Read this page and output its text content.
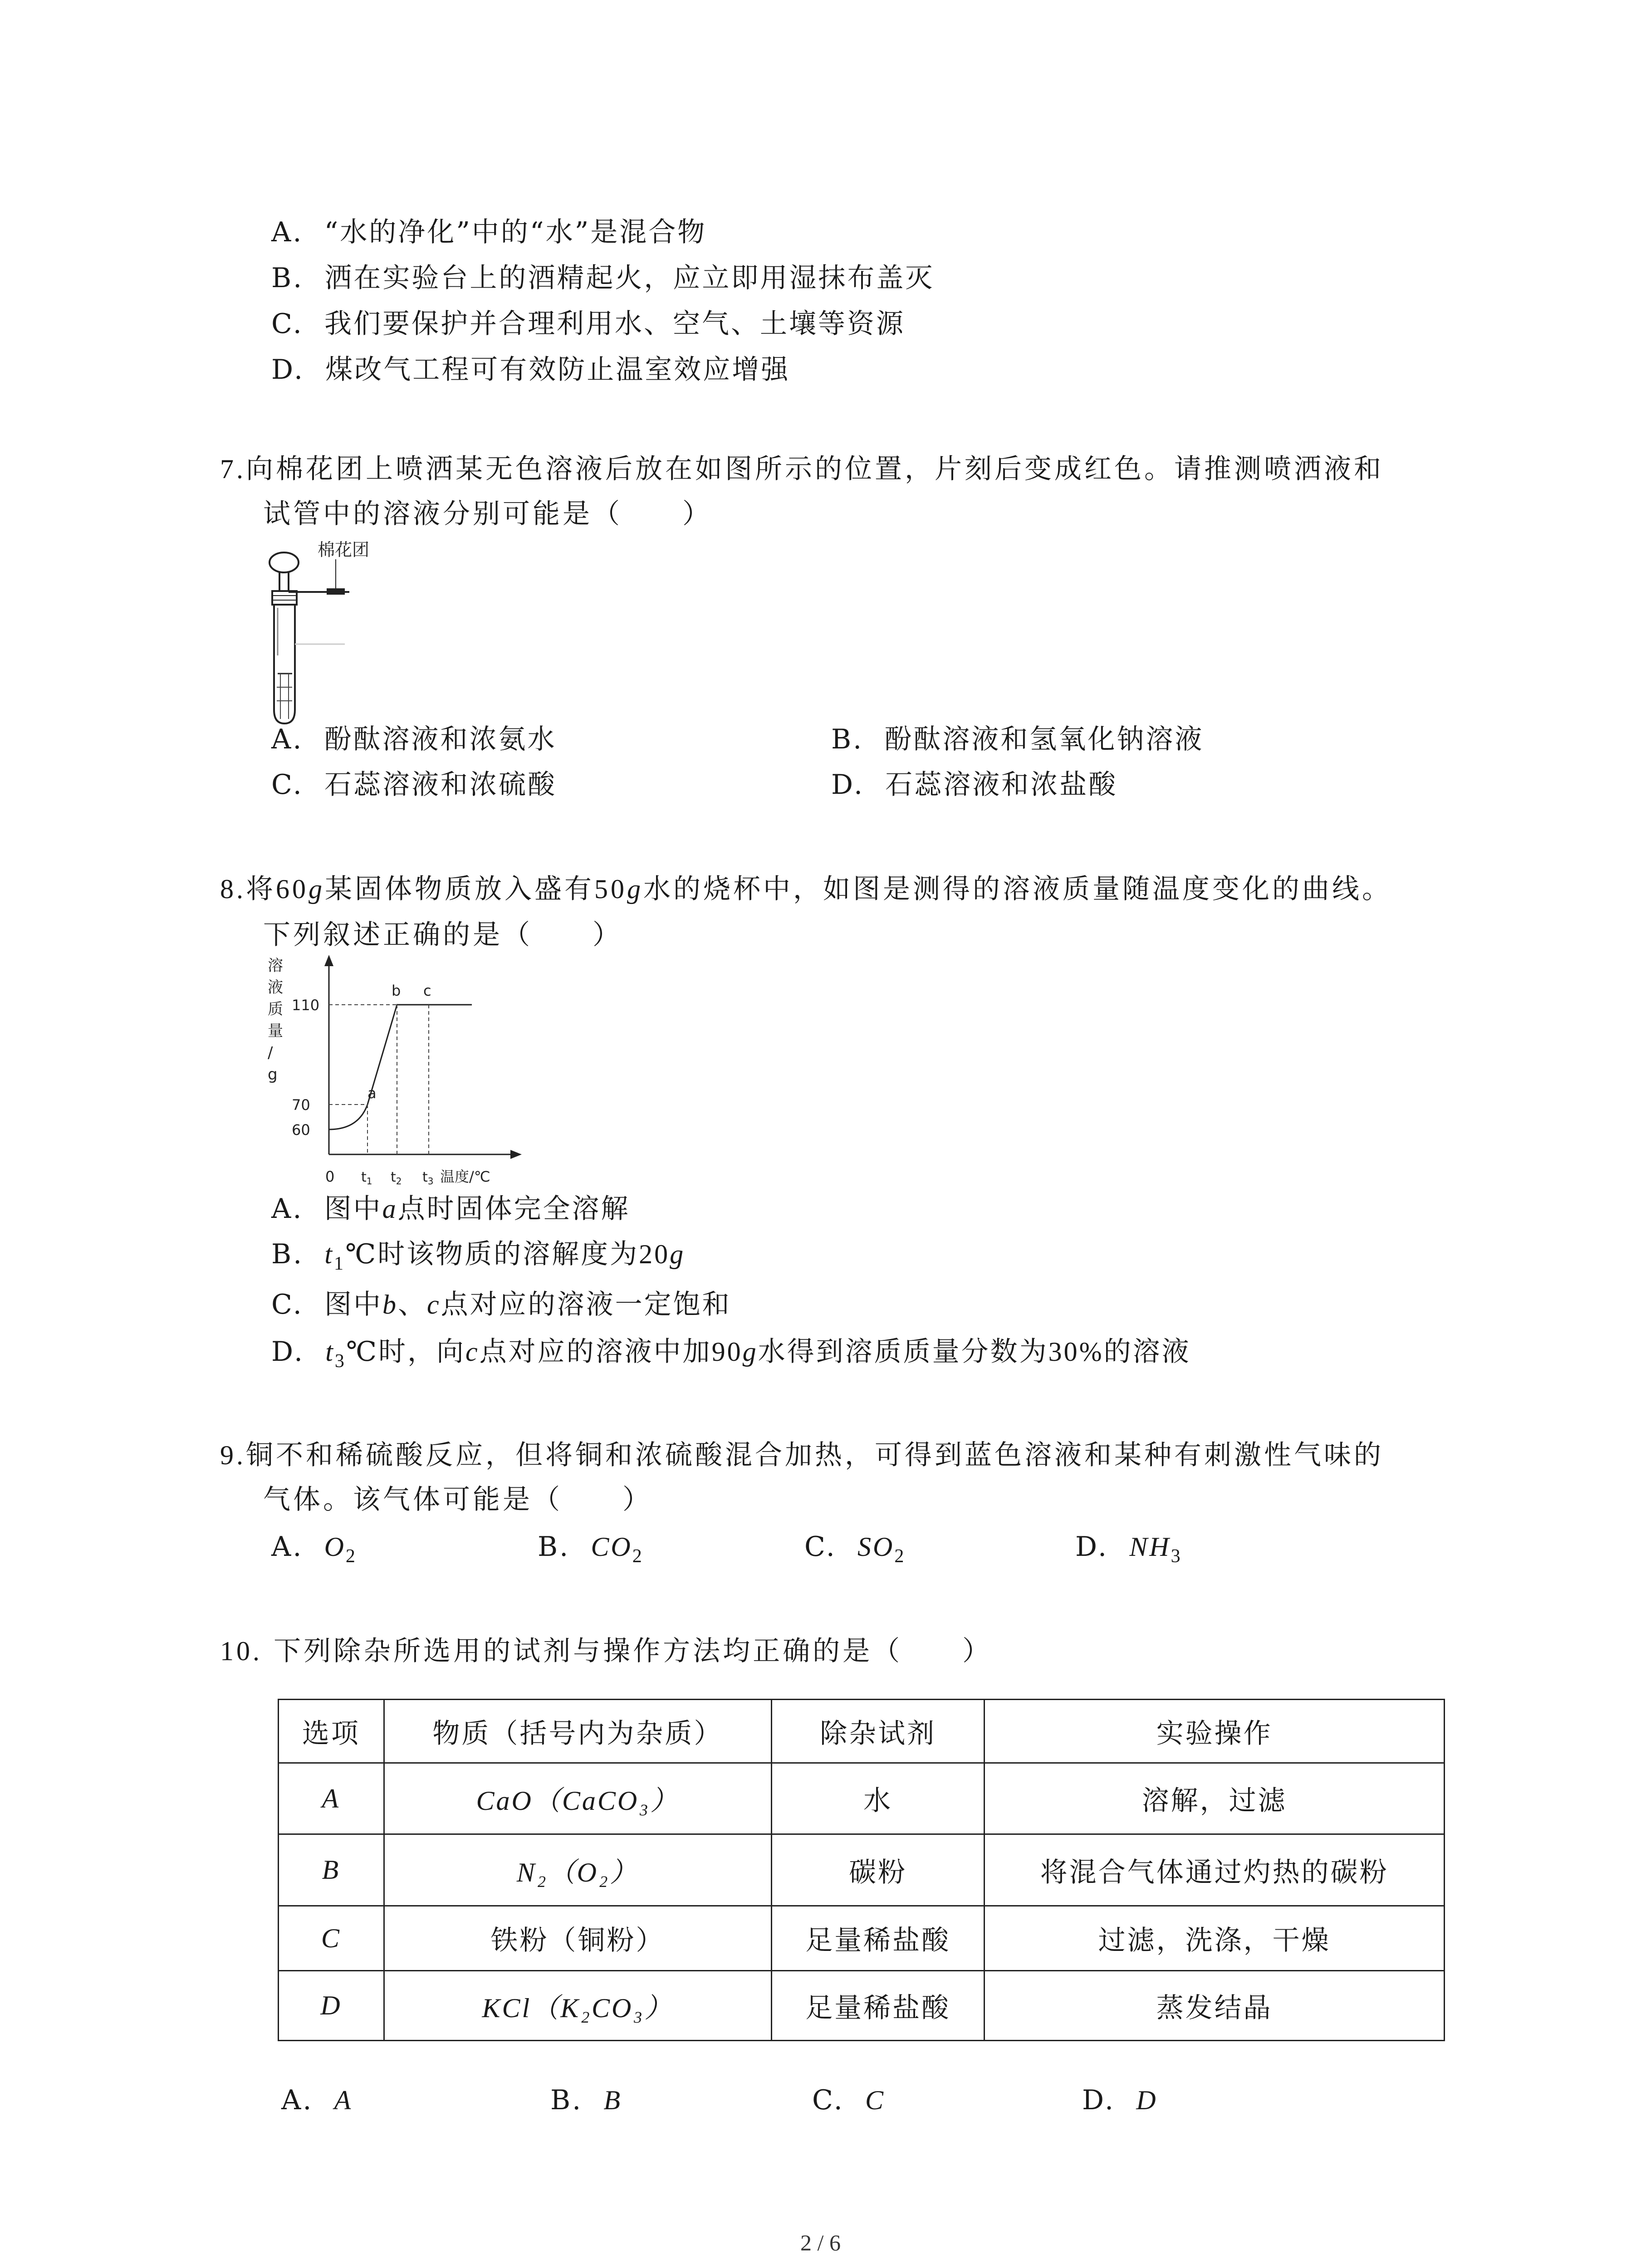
A. “水的净化”中的“水”是混合物
B. 洒在实验台上的酒精起火，应立即用湿抹布盖灭
C. 我们要保护并合理利用水、空气、土壤等资源
D. 煤改气工程可有效防止温室效应增强
7.向棉花团上喷洒某无色溶液后放在如图所示的位置，片刻后变成红色。请推测喷洒液和
试管中的溶液分别可能是（　　）
棉花团
A. 酚酞溶液和浓氨水	B. 酚酞溶液和氢氧化钠溶液
C. 石蕊溶液和浓硫酸	D. 石蕊溶液和浓盐酸
8.将60g某固体物质放入盛有50g水的烧杯中，如图是测得的溶液质量随温度变化的曲线。
下列叙述正确的是（　　）
溶
液
质
量
/
g
110
70
60
0 $t_1$ $t_2$ $t_3$ 温度/℃
a
b c
A. 图中a点时固体完全溶解
B. $t_1℃$时该物质的溶解度为20g
C. 图中b、c点对应的溶液一定饱和
D. $t_3℃$时，向c点对应的溶液中加90g水得到溶质质量分数为30%的溶液
9.铜不和稀硫酸反应，但将铜和浓硫酸混合加热，可得到蓝色溶液和某种有刺激性气味的
气体。该气体可能是（　　）
A. $O_2$	B. $CO_2$	C. $SO_2$	D. $NH_3$
10. 下列除杂所选用的试剂与操作方法均正确的是（　　）
选项	物质（括号内为杂质）	除杂试剂	实验操作
A	CaO（CaCO₃）	水	溶解，过滤
B	N₂（O₂）	碳粉	将混合气体通过灼热的碳粉
C	铁粉（铜粉）	足量稀盐酸	过滤，洗涤，干燥
D	KCl（K₂CO₃）	足量稀盐酸	蒸发结晶
A. A	B. B	C. C	D. D
2 / 6
